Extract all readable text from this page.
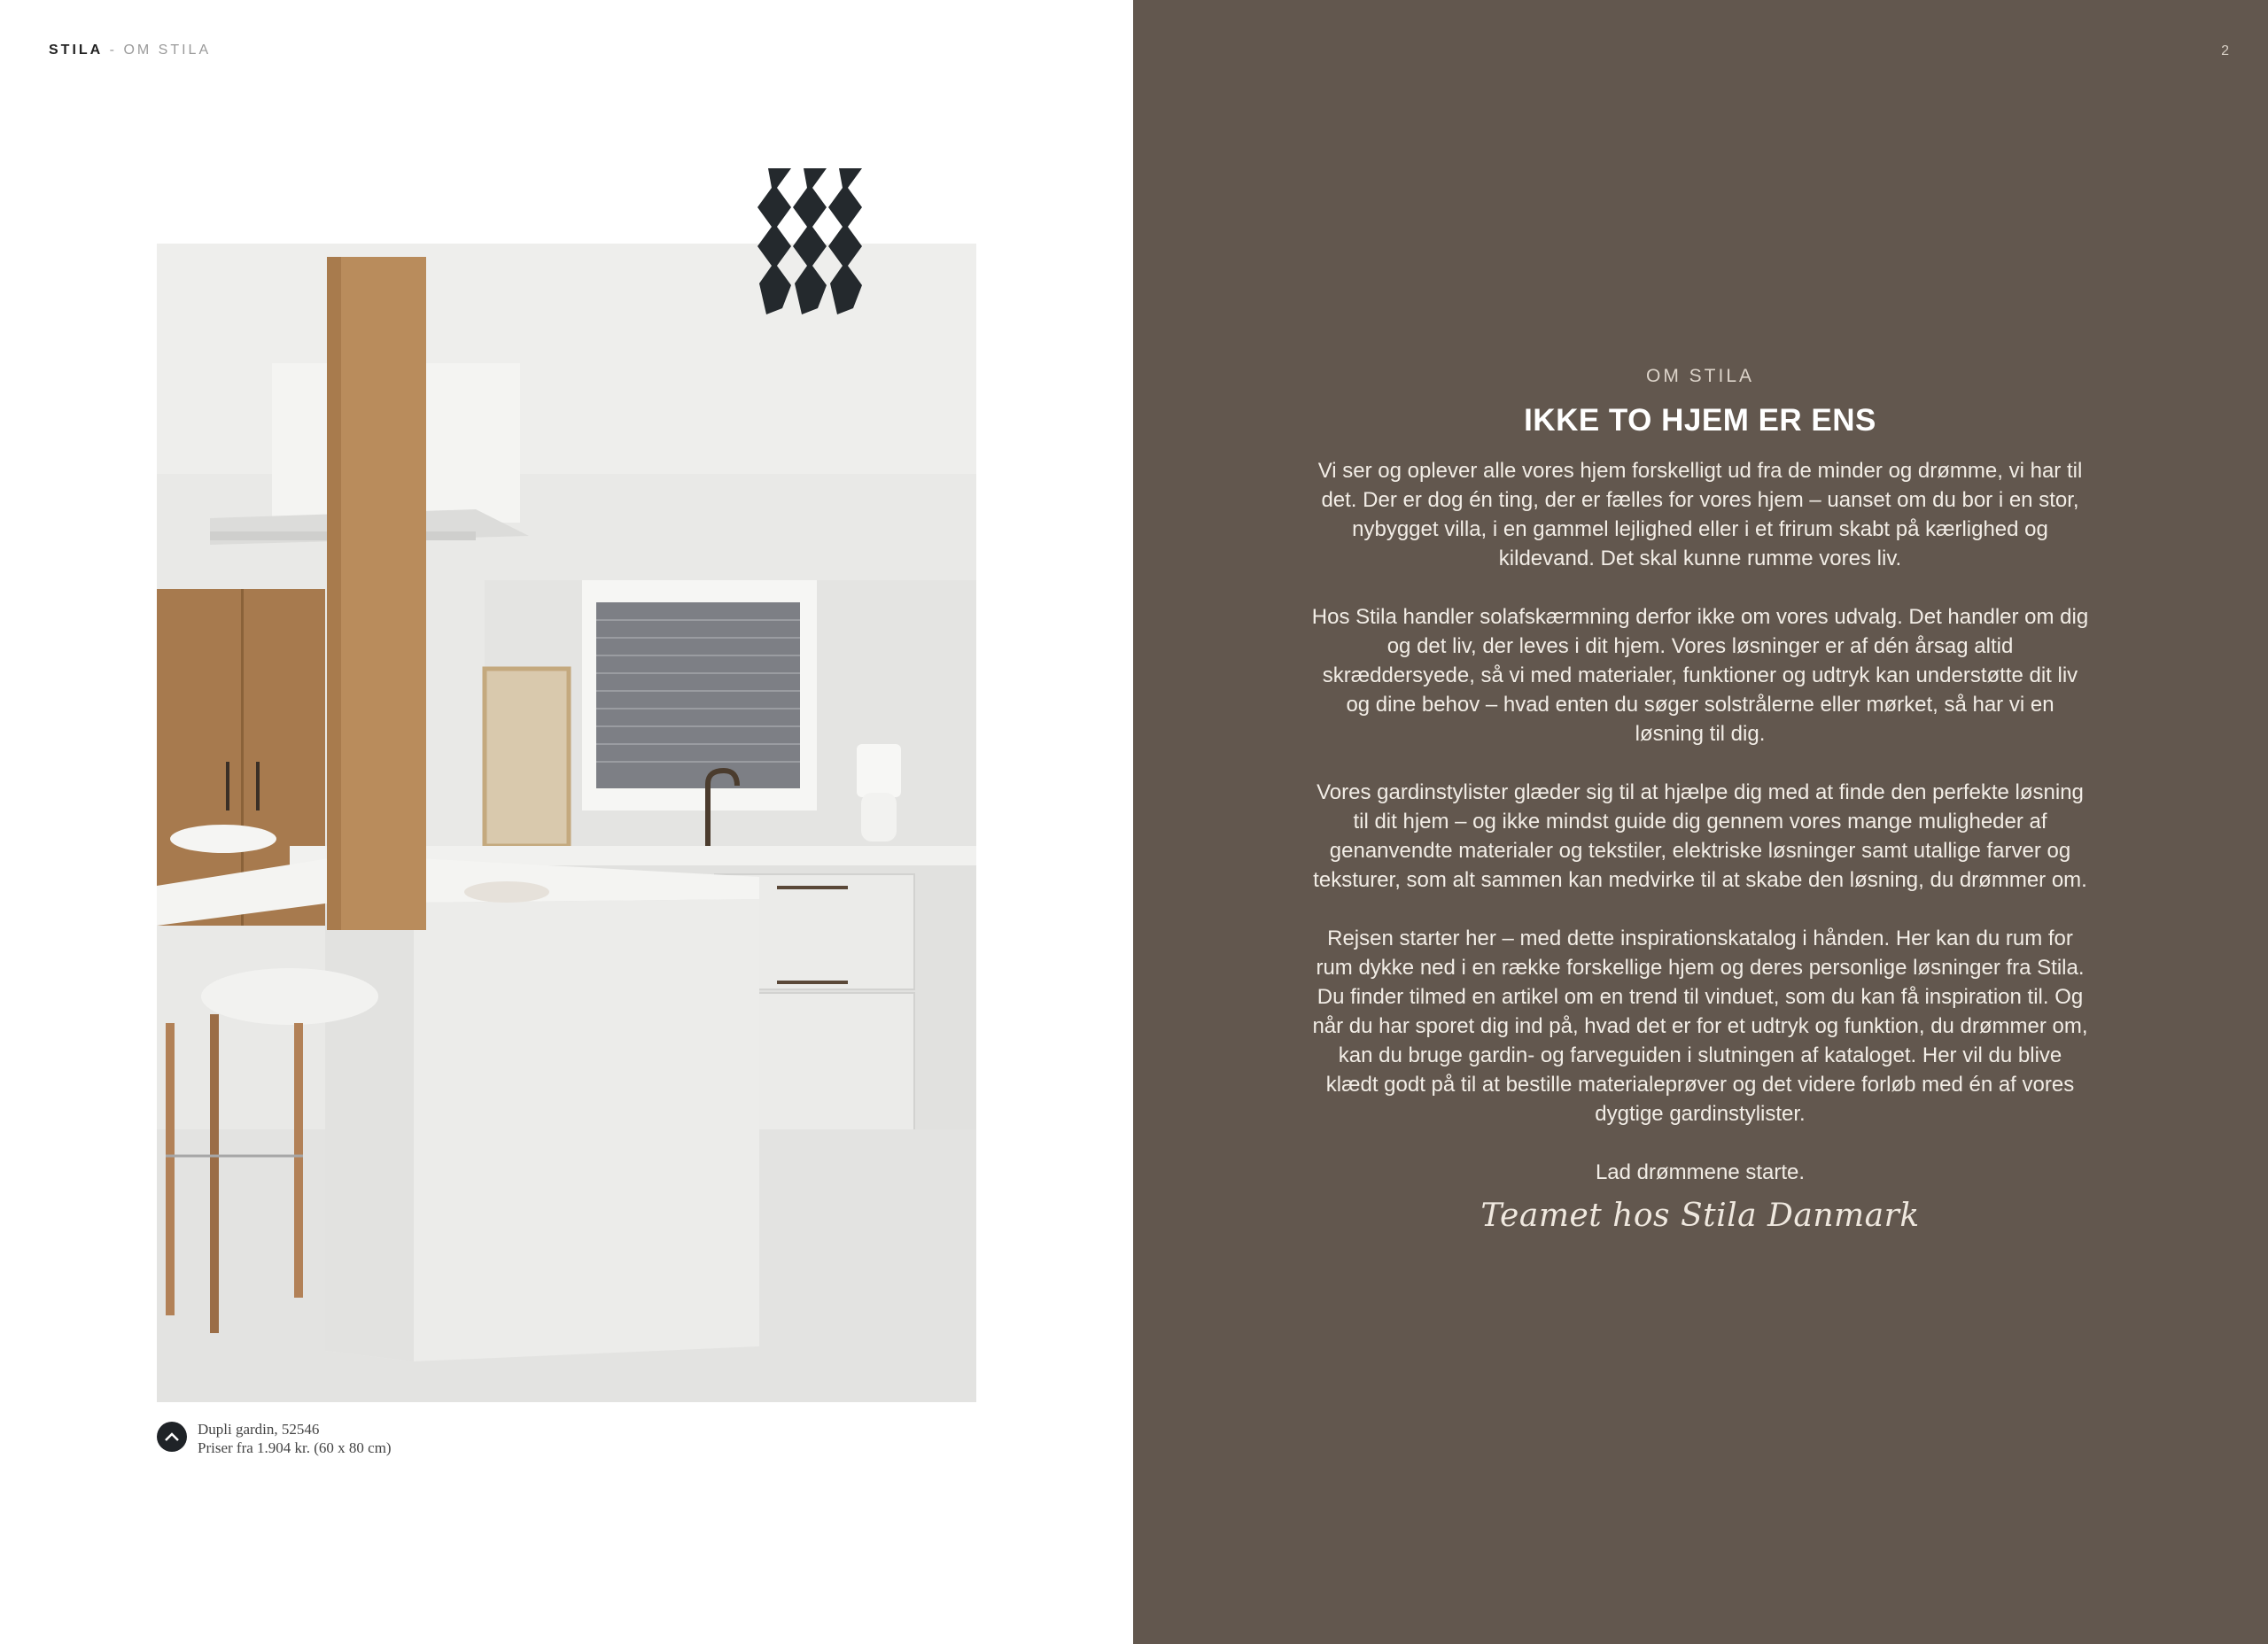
STILA - OM STILA
Dupli gardin, 52546
Priser fra 1.904 kr. (60 x 80 cm)
2

OM STILA

IKKE TO HJEM ER ENS

Vi ser og oplever alle vores hjem forskelligt ud fra de minder og drømme, vi har til det. Der er dog én ting, der er fælles for vores hjem – uanset om du bor i en stor, nybygget villa, i en gammel lejlighed eller i et frirum skabt på kærlighed og kildevand. Det skal kunne rumme vores liv.

Hos Stila handler solafskærmning derfor ikke om vores udvalg. Det handler om dig og det liv, der leves i dit hjem. Vores løsninger er af dén årsag altid skræddersyede, så vi med materialer, funktioner og udtryk kan understøtte dit liv og dine behov – hvad enten du søger solstrålerne eller mørket, så har vi en løsning til dig.

Vores gardinstylister glæder sig til at hjælpe dig med at finde den perfekte løsning til dit hjem – og ikke mindst guide dig gennem vores mange muligheder af genanvendte materialer og tekstiler, elektriske løsninger samt utallige farver og teksturer, som alt sammen kan medvirke til at skabe den løsning, du drømmer om.

Rejsen starter her – med dette inspirationskatalog i hånden. Her kan du rum for rum dykke ned i en række forskellige hjem og deres personlige løsninger fra Stila. Du finder tilmed en artikel om en trend til vinduet, som du kan få inspiration til. Og når du har sporet dig ind på, hvad det er for et udtryk og funktion, du drømmer om, kan du bruge gardin- og farveguiden i slutningen af kataloget. Her vil du blive klædt godt på til at bestille materialeprøver og det videre forløb med én af vores dygtige gardinstylister.

Lad drømmene starte.

Teamet hos Stila Danmark
